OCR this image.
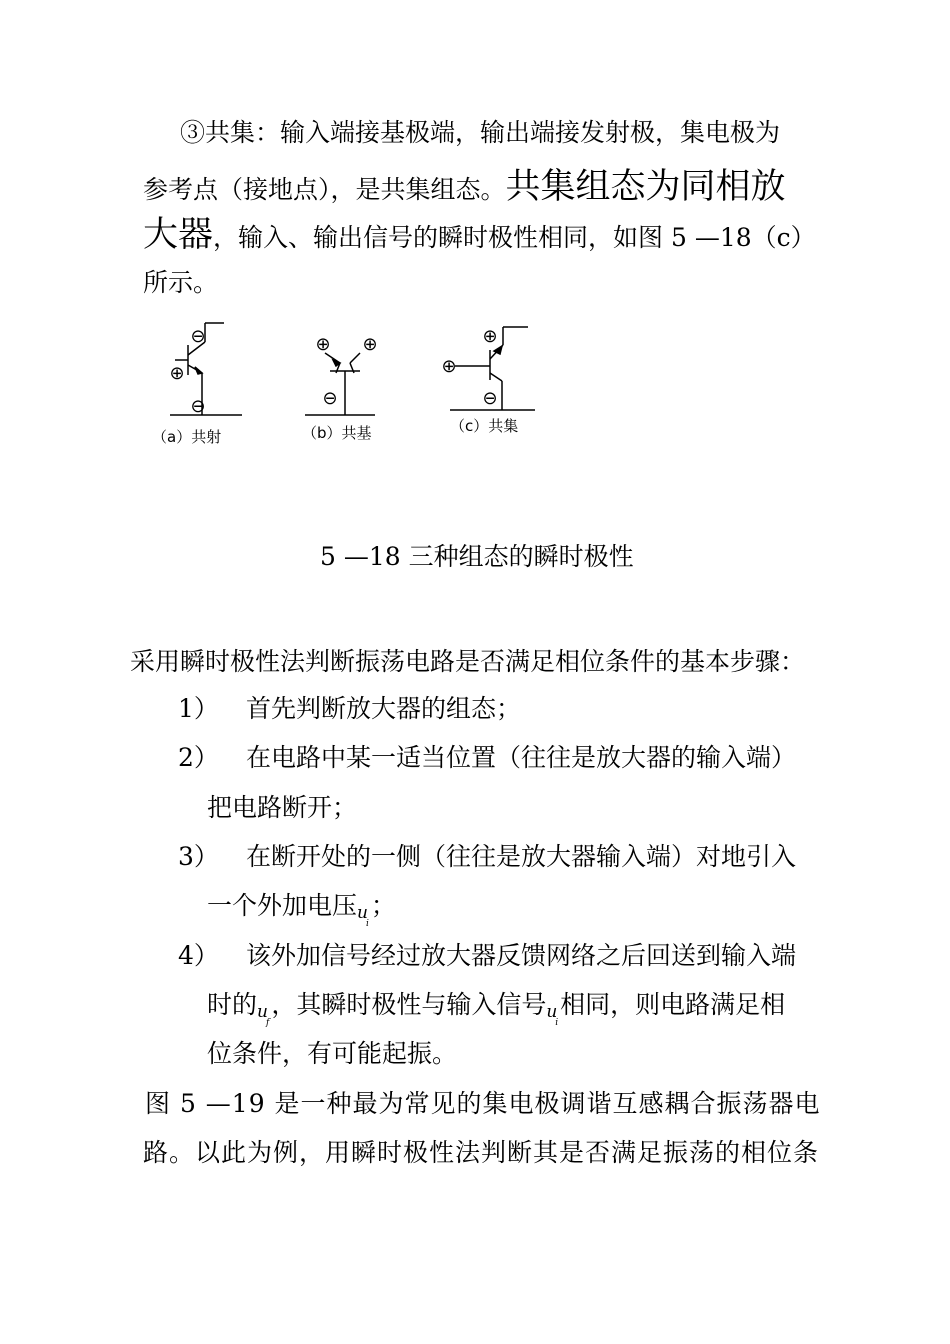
③共集：输入端接基极端，输出端接发射极，集电极为
参考点（接地点），是共集组态。共集组态为同相放
大器，输入、输出信号的瞬时极性相同，如图 5 —18（c）
所示。
⊖
⊕
⊖
⊕ ⊕
⊖
⊕
⊕
⊖
（a）共射	（b）共基	（c）共集
5 —18 三种组态的瞬时极性
采用瞬时极性法判断振荡电路是否满足相位条件的基本步骤：
1） 首先判断放大器的组态；
2） 在电路中某一适当位置（往往是放大器的输入端）
把电路断开；
3） 在断开处的一侧（往往是放大器输入端）对地引入
一个外加电压$u_i$；
4） 该外加信号经过放大器反馈网络之后回送到输入端
时的$u_f$，其瞬时极性与输入信号$u_i$相同，则电路满足相
位条件，有可能起振。
图 5 —19 是一种最为常见的集电极调谐互感耦合振荡器电
路。以此为例，用瞬时极性法判断其是否满足振荡的相位条
